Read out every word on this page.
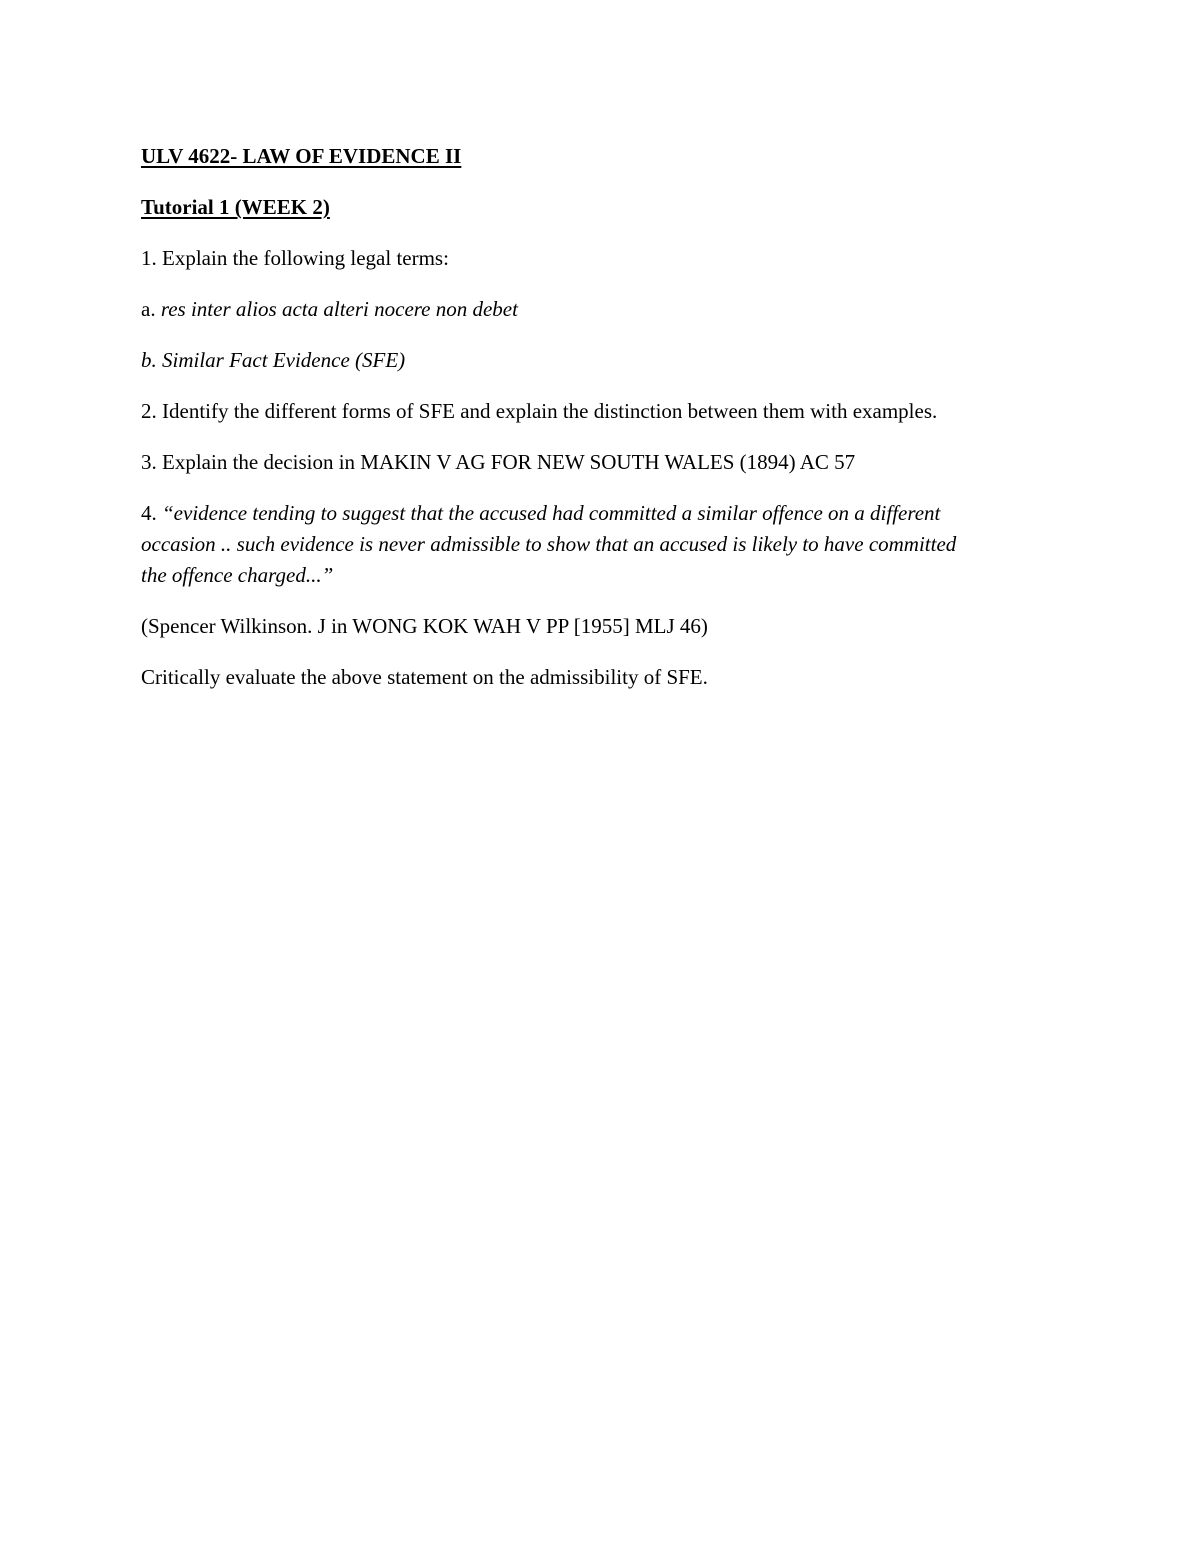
ULV 4622- LAW OF EVIDENCE II

Tutorial 1 (WEEK 2)

1. Explain the following legal terms:

a. res inter alios acta alteri nocere non debet

b. Similar Fact Evidence (SFE)

2. Identify the different forms of SFE and explain the distinction between them with examples.

3. Explain the decision in MAKIN V AG FOR NEW SOUTH WALES (1894) AC 57

4. “evidence tending to suggest that the accused had committed a similar offence on a different

occasion .. such evidence is never admissible to show that an accused is likely to have committed

the offence charged...”

(Spencer Wilkinson. J in WONG KOK WAH V PP [1955] MLJ 46)

Critically evaluate the above statement on the admissibility of SFE.
